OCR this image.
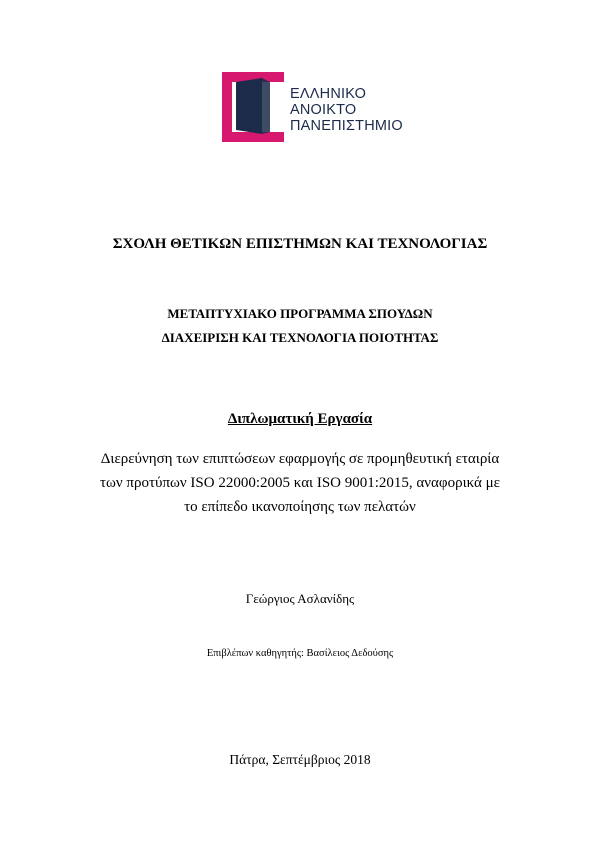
ΕΛΛΗΝΙΚΟ
ΑΝΟΙΚΤΟ
ΠΑΝΕΠΙΣΤΗΜΙΟ
ΣΧΟΛΗ ΘΕΤΙΚΩΝ ΕΠΙΣΤΗΜΩΝ ΚΑΙ ΤΕΧΝΟΛΟΓΙΑΣ
ΜΕΤΑΠΤΥΧΙΑΚΟ ΠΡΟΓΡΑΜΜΑ ΣΠΟΥΔΩΝ
ΔΙΑΧΕΙΡΙΣΗ ΚΑΙ ΤΕΧΝΟΛΟΓΙΑ ΠΟΙΟΤΗΤΑΣ
Διπλωματική Εργασία
Διερεύνηση των επιπτώσεων εφαρμογής σε προμηθευτική εταιρία
των προτύπων ISO 22000:2005 και ISO 9001:2015, αναφορικά με
το επίπεδο ικανοποίησης των πελατών
Γεώργιος Ασλανίδης
Επιβλέπων καθηγητής: Βασίλειος Δεδούσης
Πάτρα, Σεπτέμβριος 2018
